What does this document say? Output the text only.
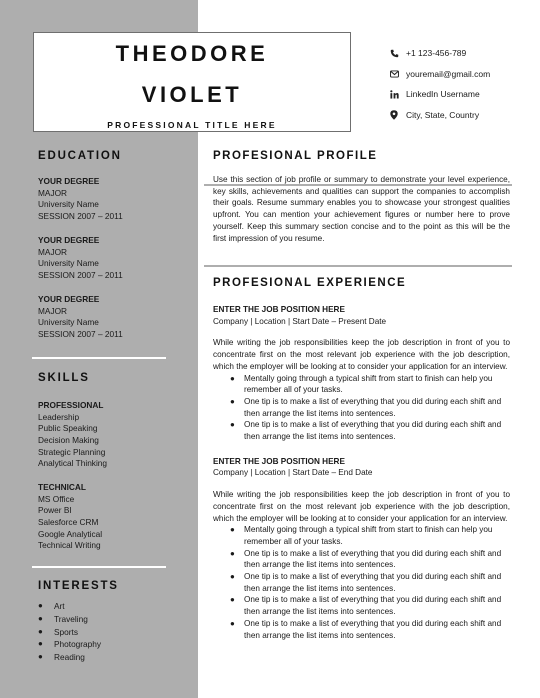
THEODORE
VIOLET
PROFESSIONAL TITLE HERE
+1 123-456-789
youremail@gmail.com
LinkedIn Username
City, State, Country
EDUCATION
YOUR DEGREE
MAJOR
University Name
SESSION 2007 – 2011
YOUR DEGREE
MAJOR
University Name
SESSION 2007 – 2011
YOUR DEGREE
MAJOR
University Name
SESSION 2007 – 2011
SKILLS
PROFESSIONAL
Leadership
Public Speaking
Decision Making
Strategic Planning
Analytical Thinking
TECHNICAL
MS Office
Power BI
Salesforce CRM
Google Analytical
Technical Writing
INTERESTS
●	Art
●	Traveling
●	Sports
●	Photography
●	Reading
PROFESIONAL PROFILE
Use this section of job profile or summary to demonstrate your level experience, key skills, achievements and qualities can support the companies to accomplish their goals. Resume summary enables you to showcase your strongest qualities upfront. You can mention your achievement figures or number here to prove yourself. Keep this summary section concise and to the point as this will be the first impression of you resume.
PROFESIONAL EXPERIENCE
ENTER THE JOB POSITION HERE
Company | Location | Start Date – Present Date
While writing the job responsibilities keep the job description in front of you to concentrate first on the most relevant job experience with the job description, which the employer will be looking at to consider your application for an interview.
●	Mentally going through a typical shift from start to finish can help you remember all of your tasks.
●	One tip is to make a list of everything that you did during each shift and then arrange the list items into sentences.
●	One tip is to make a list of everything that you did during each shift and then arrange the list items into sentences.
ENTER THE JOB POSITION HERE
Company | Location | Start Date – End Date
While writing the job responsibilities keep the job description in front of you to concentrate first on the most relevant job experience with the job description, which the employer will be looking at to consider your application for an interview.
●	Mentally going through a typical shift from start to finish can help you remember all of your tasks.
●	One tip is to make a list of everything that you did during each shift and then arrange the list items into sentences.
●	One tip is to make a list of everything that you did during each shift and then arrange the list items into sentences.
●	One tip is to make a list of everything that you did during each shift and then arrange the list items into sentences.
●	One tip is to make a list of everything that you did during each shift and then arrange the list items into sentences.
